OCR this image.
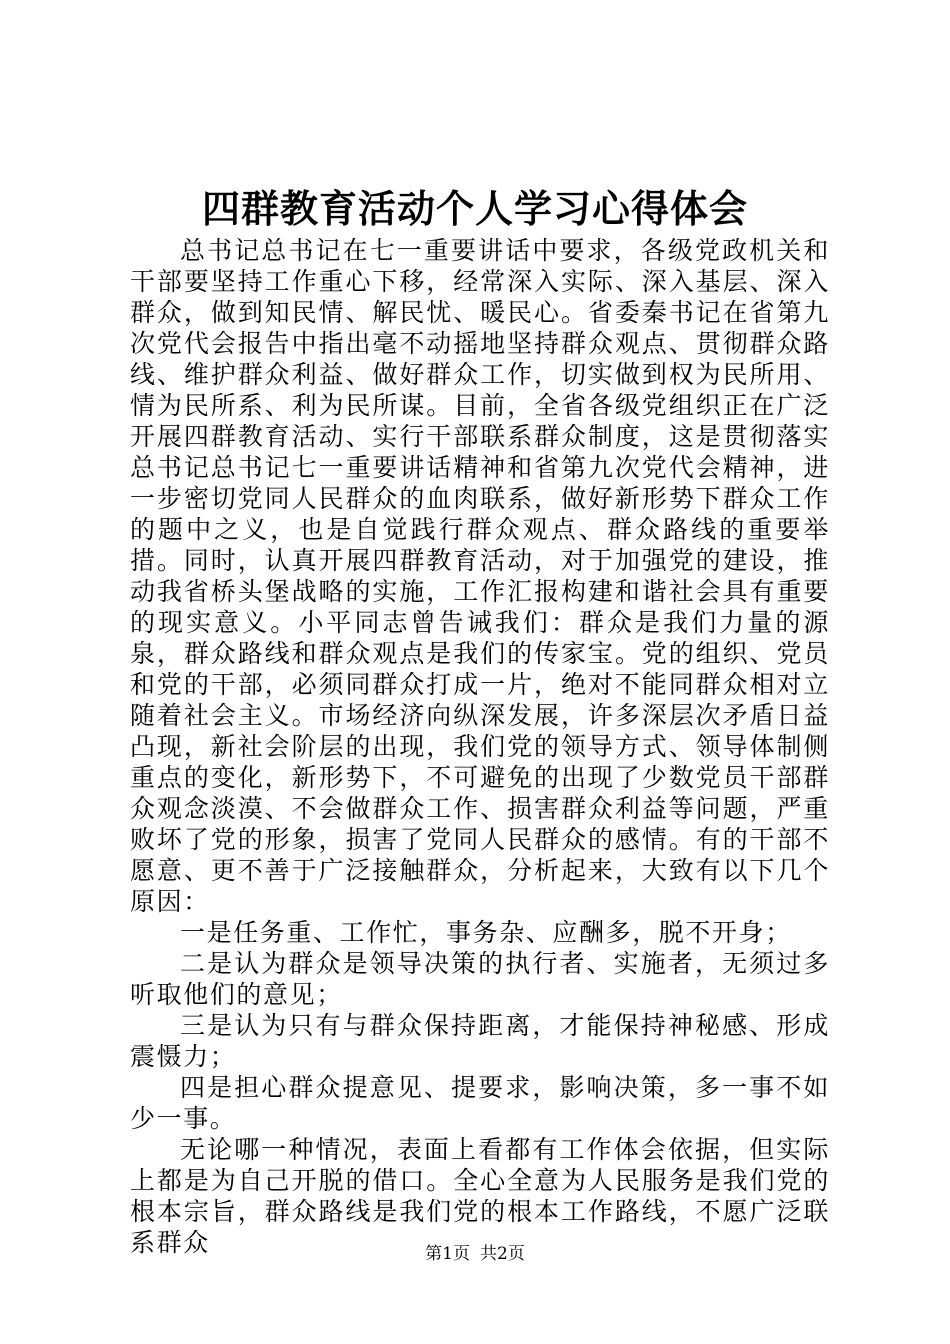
四群教育活动个人学习心得体会

总书记总书记在七一重要讲话中要求，各级党政机关和干部要坚持工作重心下移，经常深入实际、深入基层、深入群众，做到知民情、解民忧、暖民心。省委秦书记在省第九次党代会报告中指出毫不动摇地坚持群众观点、贯彻群众路线、维护群众利益、做好群众工作，切实做到权为民所用、情为民所系、利为民所谋。目前，全省各级党组织正在广泛开展四群教育活动、实行干部联系群众制度，这是贯彻落实总书记总书记七一重要讲话精神和省第九次党代会精神，进一步密切党同人民群众的血肉联系，做好新形势下群众工作的题中之义，也是自觉践行群众观点、群众路线的重要举措。同时，认真开展四群教育活动，对于加强党的建设，推动我省桥头堡战略的实施，工作汇报构建和谐社会具有重要的现实意义。小平同志曾告诫我们：群众是我们力量的源泉，群众路线和群众观点是我们的传家宝。党的组织、党员和党的干部，必须同群众打成一片，绝对不能同群众相对立随着社会主义。市场经济向纵深发展，许多深层次矛盾日益凸现，新社会阶层的出现，我们党的领导方式、领导体制侧重点的变化，新形势下，不可避免的出现了少数党员干部群众观念淡漠、不会做群众工作、损害群众利益等问题，严重败坏了党的形象，损害了党同人民群众的感情。有的干部不愿意、更不善于广泛接触群众，分析起来，大致有以下几个原因：

一是任务重、工作忙，事务杂、应酬多，脱不开身；

二是认为群众是领导决策的执行者、实施者，无须过多听取他们的意见；

三是认为只有与群众保持距离，才能保持神秘感、形成震慑力；

四是担心群众提意见、提要求，影响决策，多一事不如少一事。

无论哪一种情况，表面上看都有工作体会依据，但实际上都是为自己开脱的借口。全心全意为人民服务是我们党的根本宗旨，群众路线是我们党的根本工作路线，不愿广泛联系群众	第1页 共2页
